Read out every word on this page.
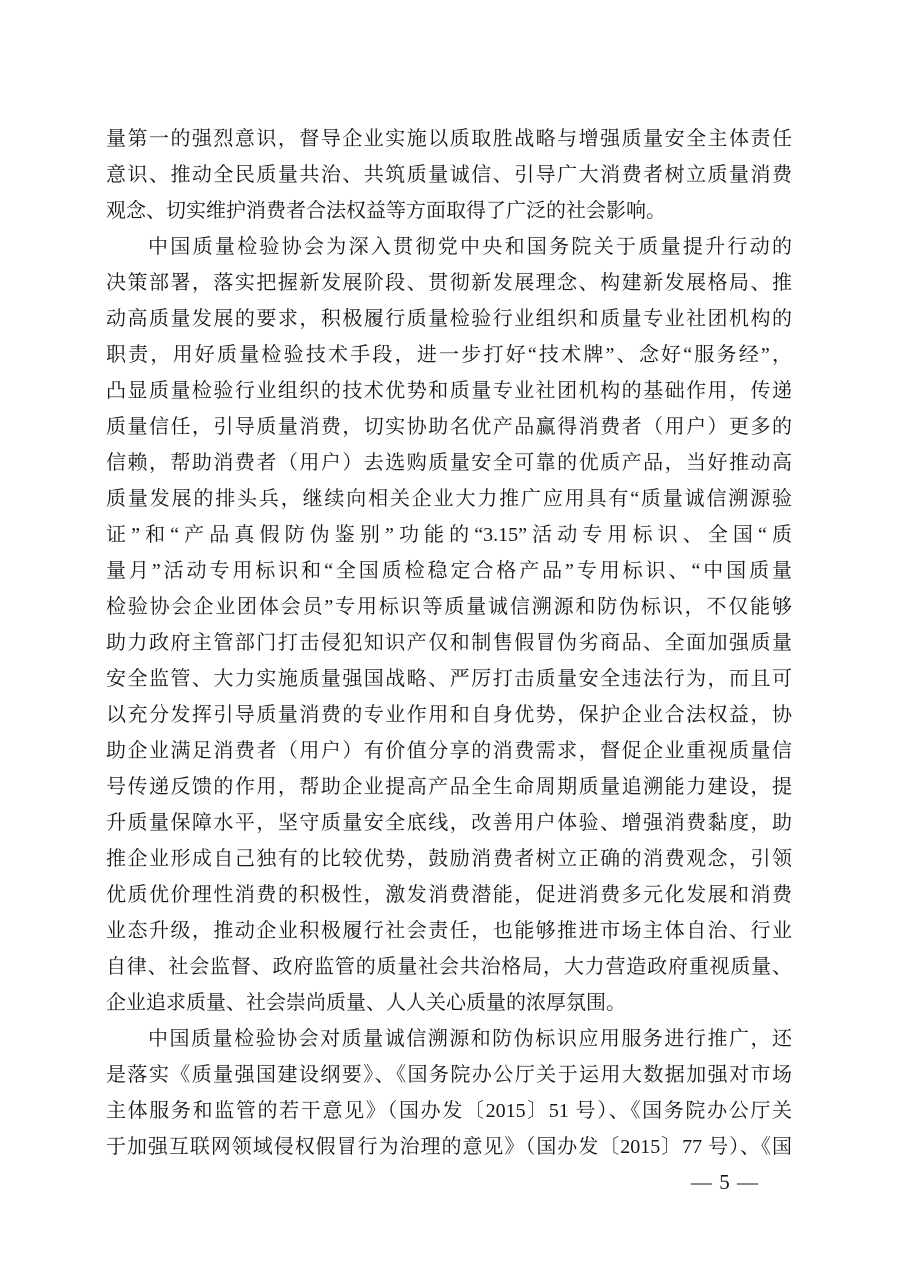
量第一的强烈意识，督导企业实施以质取胜战略与增强质量安全主体责任
意识、推动全民质量共治、共筑质量诚信、引导广大消费者树立质量消费
观念、切实维护消费者合法权益等方面取得了广泛的社会影响。
中国质量检验协会为深入贯彻党中央和国务院关于质量提升行动的
决策部署，落实把握新发展阶段、贯彻新发展理念、构建新发展格局、推
动高质量发展的要求，积极履行质量检验行业组织和质量专业社团机构的
职责，用好质量检验技术手段，进一步打好“技术牌”、念好“服务经”，
凸显质量检验行业组织的技术优势和质量专业社团机构的基础作用，传递
质量信任，引导质量消费，切实协助名优产品赢得消费者（用户）更多的
信赖，帮助消费者（用户）去选购质量安全可靠的优质产品，当好推动高
质量发展的排头兵，继续向相关企业大力推广应用具有“质量诚信溯源验
证”和“产品真假防伪鉴别”功能的“3.15”活动专用标识、全国“质
量月”活动专用标识和“全国质检稳定合格产品”专用标识、“中国质量
检验协会企业团体会员”专用标识等质量诚信溯源和防伪标识，不仅能够
助力政府主管部门打击侵犯知识产仅和制售假冒伪劣商品、全面加强质量
安全监管、大力实施质量强国战略、严厉打击质量安全违法行为，而且可
以充分发挥引导质量消费的专业作用和自身优势，保护企业合法权益，协
助企业满足消费者（用户）有价值分享的消费需求，督促企业重视质量信
号传递反馈的作用，帮助企业提高产品全生命周期质量追溯能力建设，提
升质量保障水平，坚守质量安全底线，改善用户体验、增强消费黏度，助
推企业形成自己独有的比较优势，鼓励消费者树立正确的消费观念，引领
优质优价理性消费的积极性，激发消费潜能，促进消费多元化发展和消费
业态升级，推动企业积极履行社会责任，也能够推进市场主体自治、行业
自律、社会监督、政府监管的质量社会共治格局，大力营造政府重视质量、
企业追求质量、社会崇尚质量、人人关心质量的浓厚氛围。
中国质量检验协会对质量诚信溯源和防伪标识应用服务进行推广，还
是落实《质量强国建设纲要》、《国务院办公厅关于运用大数据加强对市场
主体服务和监管的若干意见》（国办发〔2015〕51 号）、《国务院办公厅关
于加强互联网领域侵权假冒行为治理的意见》（国办发〔2015〕77 号）、《国
— 5 —
